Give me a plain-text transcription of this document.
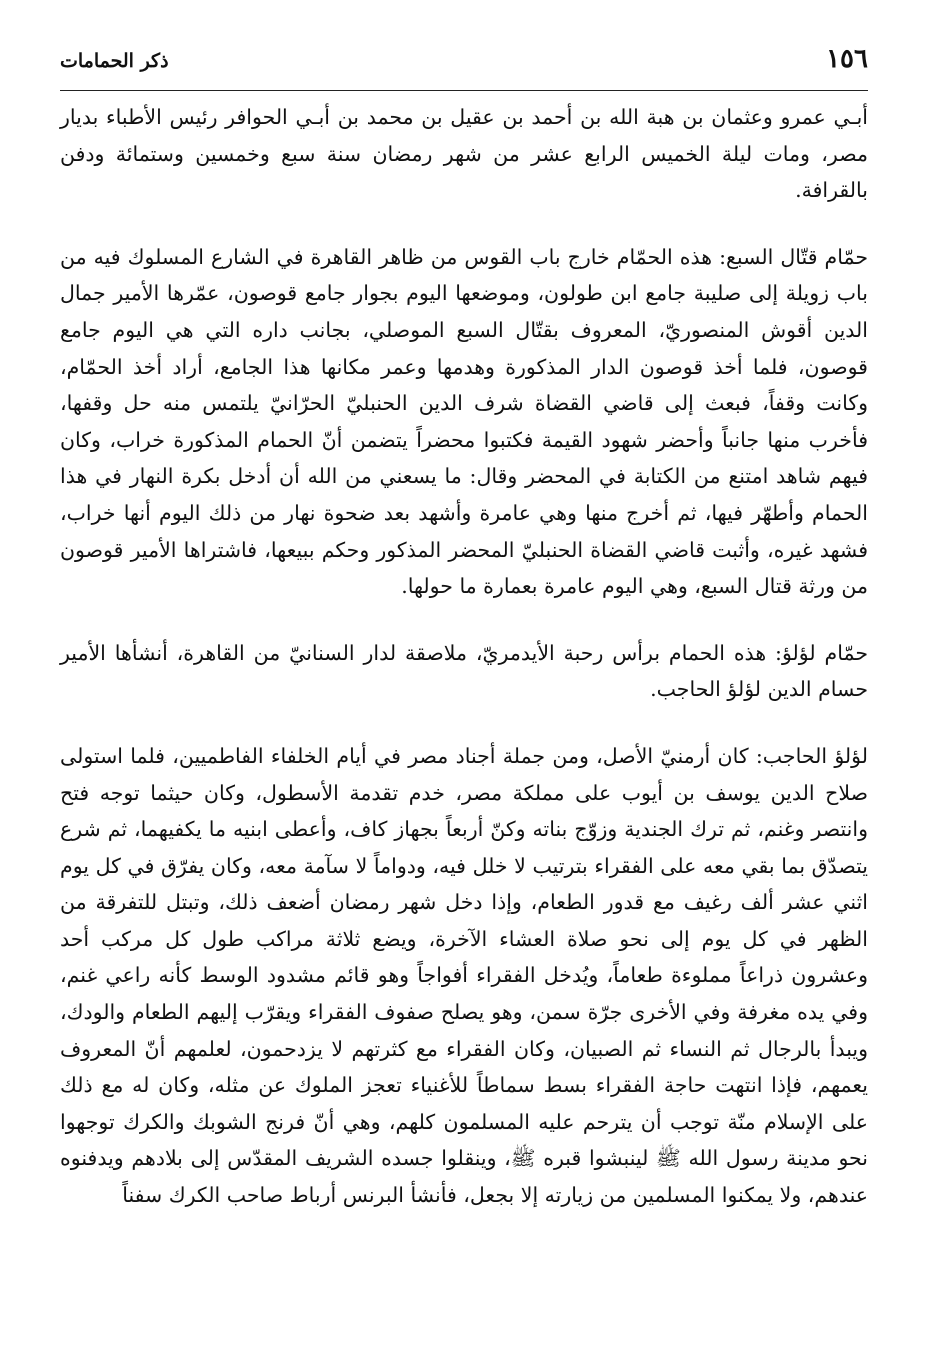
١٥٦
ذكر الحمامات

أبـي عمرو وعثمان بن هبة الله بن أحمد بن عقيل بن محمد بن أبـي الحوافر رئيس الأطباء بديار مصر، ومات ليلة الخميس الرابع عشر من شهر رمضان سنة سبع وخمسين وستمائة ودفن بالقرافة.

حمّام قتّال السبع: هذه الحمّام خارج باب القوس من ظاهر القاهرة في الشارع المسلوك فيه من باب زويلة إلى صليبة جامع ابن طولون، وموضعها اليوم بجوار جامع قوصون، عمّرها الأمير جمال الدين أقوش المنصوريّ، المعروف بقتّال السبع الموصلي، بجانب داره التي هي اليوم جامع قوصون، فلما أخذ قوصون الدار المذكورة وهدمها وعمر مكانها هذا الجامع، أراد أخذ الحمّام، وكانت وقفاً، فبعث إلى قاضي القضاة شرف الدين الحنبليّ الحرّانيّ يلتمس منه حل وقفها، فأخرب منها جانباً وأحضر شهود القيمة فكتبوا محضراً يتضمن أنّ الحمام المذكورة خراب، وكان فيهم شاهد امتنع من الكتابة في المحضر وقال: ما يسعني من الله أن أدخل بكرة النهار في هذا الحمام وأطهّر فيها، ثم أخرج منها وهي عامرة وأشهد بعد ضحوة نهار من ذلك اليوم أنها خراب، فشهد غيره، وأثبت قاضي القضاة الحنبليّ المحضر المذكور وحكم ببيعها، فاشتراها الأمير قوصون من ورثة قتال السبع، وهي اليوم عامرة بعمارة ما حولها.

حمّام لؤلؤ: هذه الحمام برأس رحبة الأيدمريّ، ملاصقة لدار السنانيّ من القاهرة، أنشأها الأمير حسام الدين لؤلؤ الحاجب.

لؤلؤ الحاجب: كان أرمنيّ الأصل، ومن جملة أجناد مصر في أيام الخلفاء الفاطميين، فلما استولى صلاح الدين يوسف بن أيوب على مملكة مصر، خدم تقدمة الأسطول، وكان حيثما توجه فتح وانتصر وغنم، ثم ترك الجندية وزوّج بناته وكنّ أربعاً بجهاز كاف، وأعطى ابنيه ما يكفيهما، ثم شرع يتصدّق بما بقي معه على الفقراء بترتيب لا خلل فيه، ودواماً لا سآمة معه، وكان يفرّق في كل يوم اثني عشر ألف رغيف مع قدور الطعام، وإذا دخل شهر رمضان أضعف ذلك، وتبتل للتفرقة من الظهر في كل يوم إلى نحو صلاة العشاء الآخرة، ويضع ثلاثة مراكب طول كل مركب أحد وعشرون ذراعاً مملوءة طعاماً، ويُدخل الفقراء أفواجاً وهو قائم مشدود الوسط كأنه راعي غنم، وفي يده مغرفة وفي الأخرى جرّة سمن، وهو يصلح صفوف الفقراء ويقرّب إليهم الطعام والودك، ويبدأ بالرجال ثم النساء ثم الصبيان، وكان الفقراء مع كثرتهم لا يزدحمون، لعلمهم أنّ المعروف يعمهم، فإذا انتهت حاجة الفقراء بسط سماطاً للأغنياء تعجز الملوك عن مثله، وكان له مع ذلك على الإسلام منّة توجب أن يترحم عليه المسلمون كلهم، وهي أنّ فرنج الشوبك والكرك توجهوا نحو مدينة رسول الله ﷺ لينبشوا قبره ﷺ، وينقلوا جسده الشريف المقدّس إلى بلادهم ويدفنوه عندهم، ولا يمكنوا المسلمين من زيارته إلا بجعل، فأنشأ البرنس أرباط صاحب الكرك سفناً
